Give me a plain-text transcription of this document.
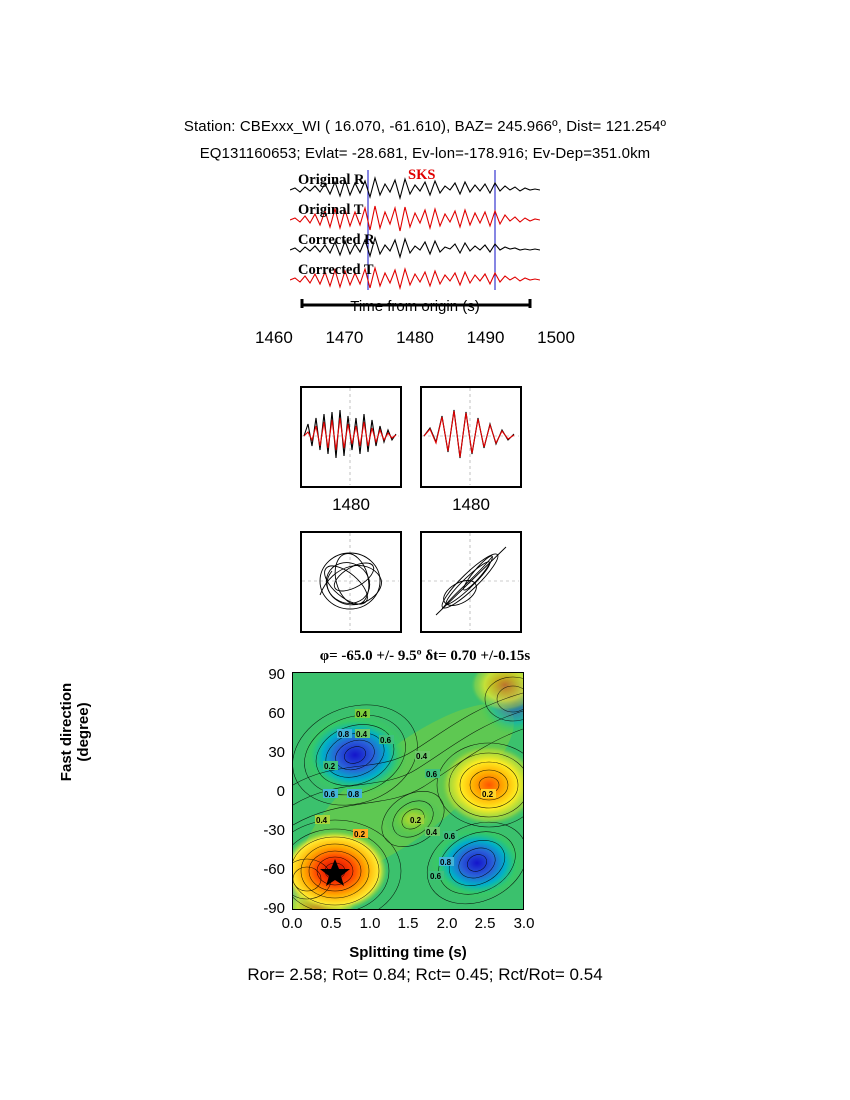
Station: CBExxx_WI ( 16.070, -61.610), BAZ= 245.966º, Dist= 121.254º
EQ131160653; Evlat= -28.681, Ev-lon=-178.916; Ev-Dep=351.0km
Original R
Original T
Corrected R
Corrected T
SKS
Time from origin (s)
1460 1470 1480 1490 1500
1480	1480
φ= -65.0 +/- 9.5º δt= 0.70 +/-0.15s
0.4
0.8 0.4
0.6
0.2
0.4
0.6
0.6 0.8	0.2
0.4	0.2
0.2	0.4 0.6
0.8
0.6
Fast direction (degree)
90
60
30
0
-30
-60
-90
0.0	0.5	1.0	1.5	2.0	2.5	3.0
Splitting time (s)
Ror= 2.58; Rot= 0.84; Rct= 0.45; Rct/Rot= 0.54
